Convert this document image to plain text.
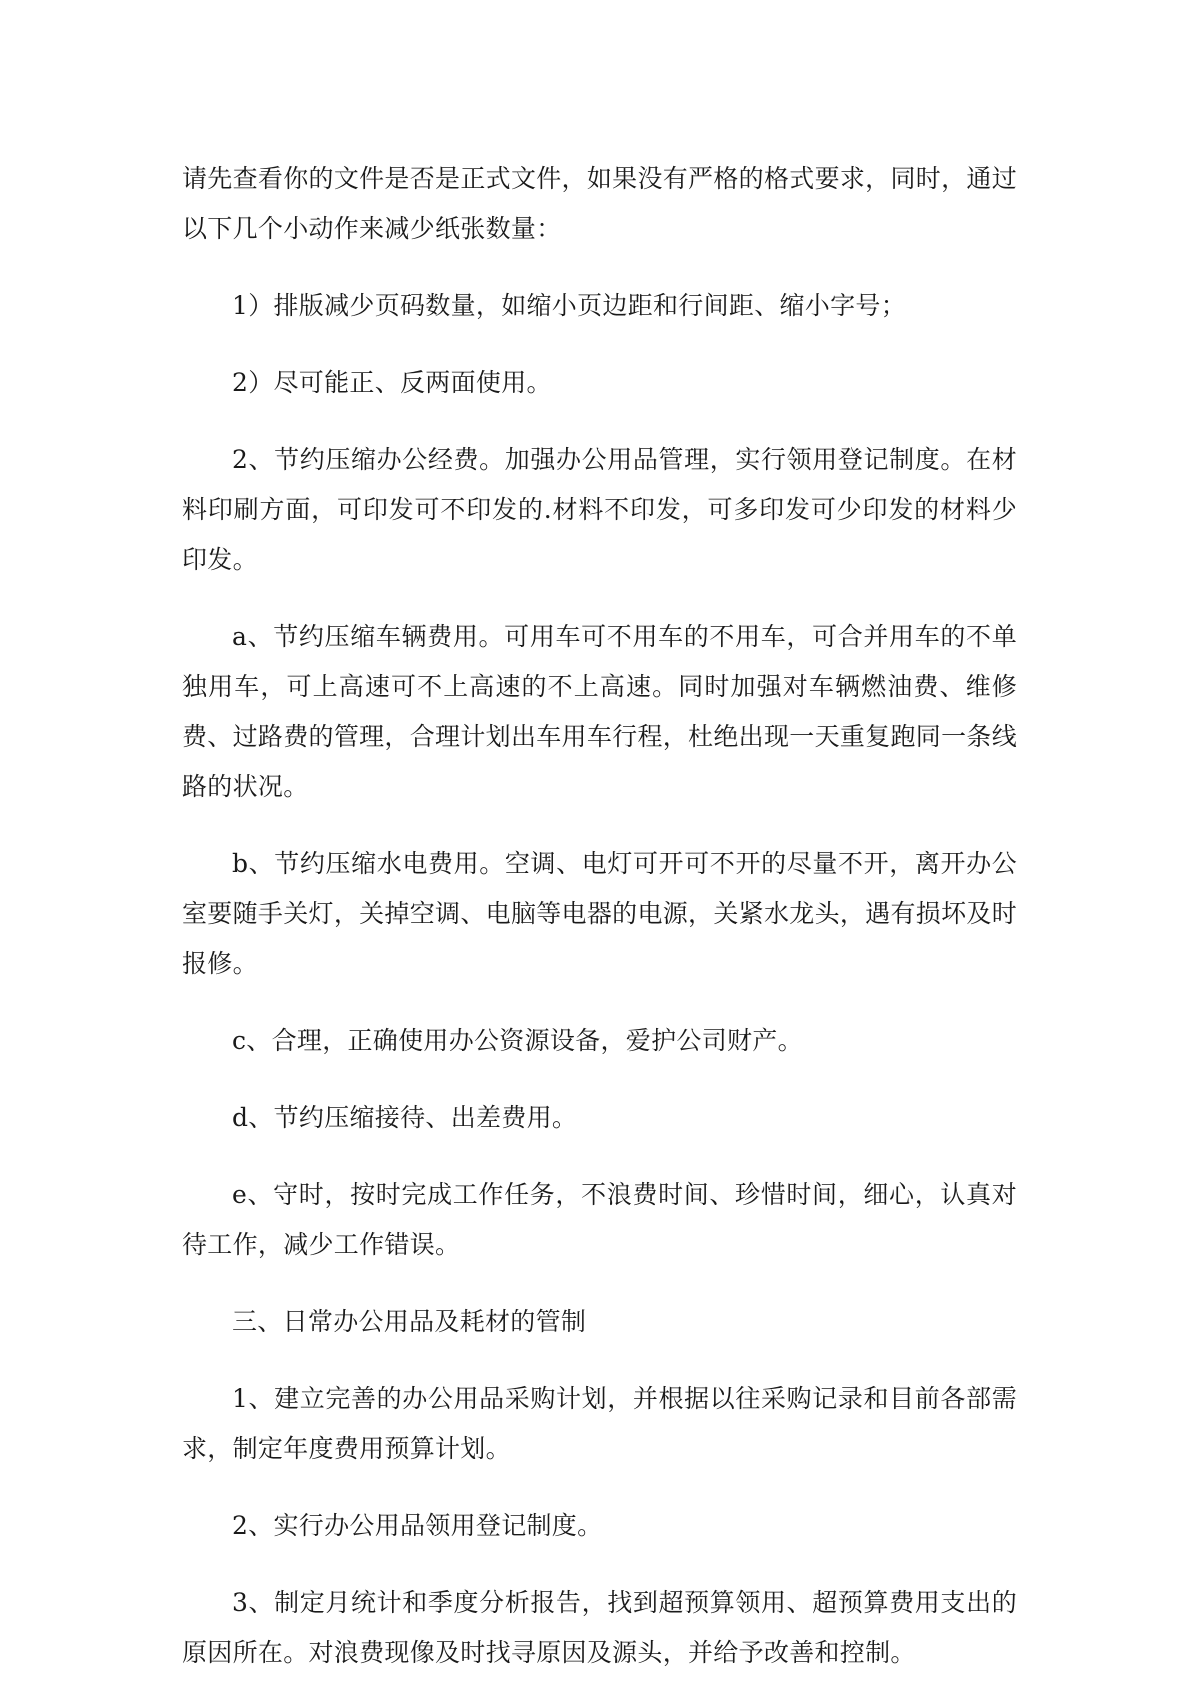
请先查看你的文件是否是正式文件，如果没有严格的格式要求，同时，通过以下几个小动作来减少纸张数量：

1）排版减少页码数量，如缩小页边距和行间距、缩小字号；

2）尽可能正、反两面使用。

2、节约压缩办公经费。加强办公用品管理，实行领用登记制度。在材料印刷方面，可印发可不印发的.材料不印发，可多印发可少印发的材料少印发。

a、节约压缩车辆费用。可用车可不用车的不用车，可合并用车的不单独用车，可上高速可不上高速的不上高速。同时加强对车辆燃油费、维修费、过路费的管理，合理计划出车用车行程，杜绝出现一天重复跑同一条线路的状况。

b、节约压缩水电费用。空调、电灯可开可不开的尽量不开，离开办公室要随手关灯，关掉空调、电脑等电器的电源，关紧水龙头，遇有损坏及时报修。

c、合理，正确使用办公资源设备，爱护公司财产。

d、节约压缩接待、出差费用。

e、守时，按时完成工作任务，不浪费时间、珍惜时间，细心，认真对待工作，减少工作错误。

三、日常办公用品及耗材的管制

1、建立完善的办公用品采购计划，并根据以往采购记录和目前各部需求，制定年度费用预算计划。

2、实行办公用品领用登记制度。

3、制定月统计和季度分析报告，找到超预算领用、超预算费用支出的原因所在。对浪费现像及时找寻原因及源头，并给予改善和控制。
